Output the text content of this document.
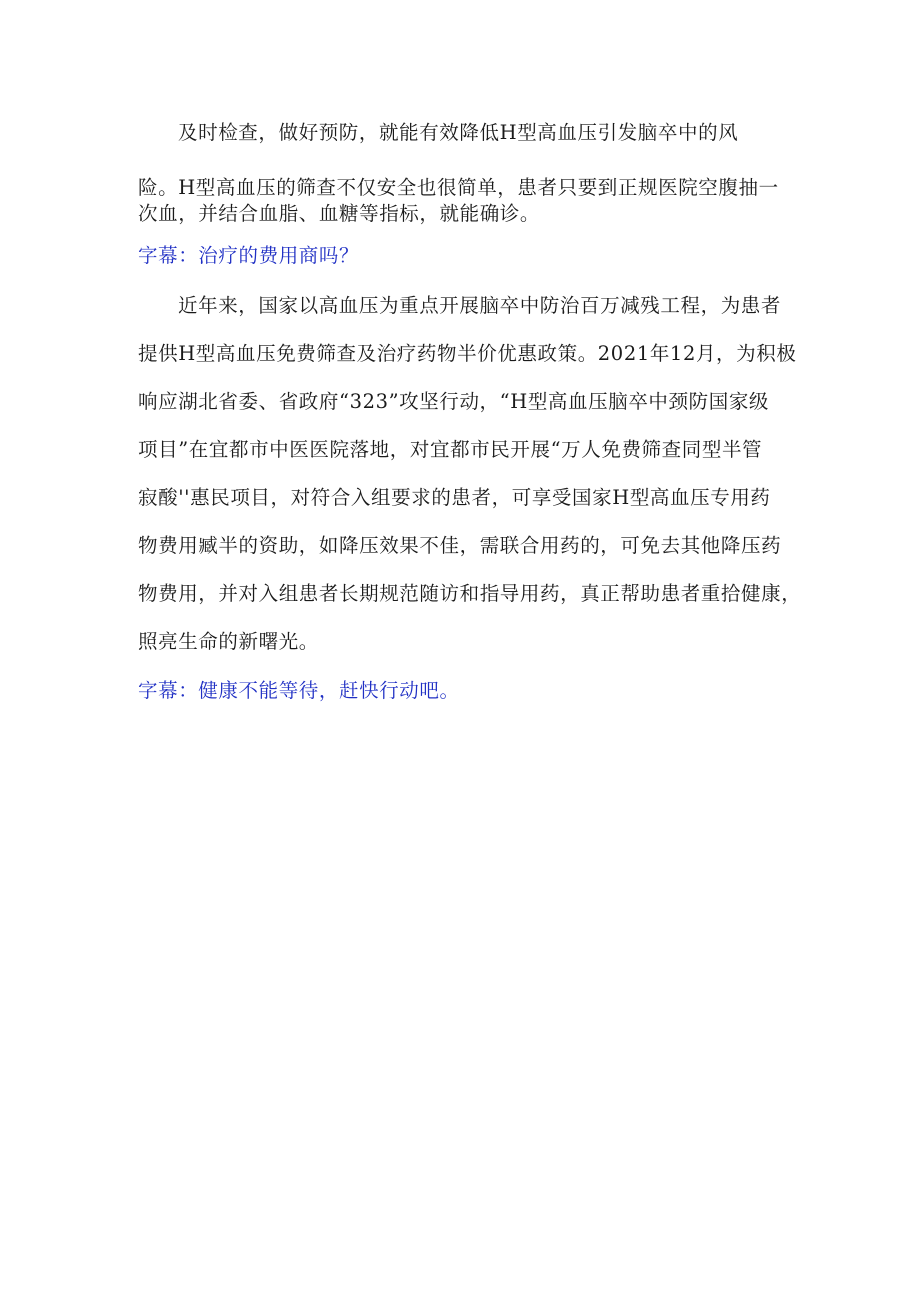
及时检查，做好预防，就能有效降低H型高血压引发脑卒中的风
险。H型高血压的筛查不仅安全也很简单，患者只要到正规医院空腹抽一
次血，并结合血脂、血糖等指标，就能确诊。
字幕：治疗的费用商吗？
近年来，国家以高血压为重点开展脑卒中防治百万减残工程，为患者
提供H型高血压免费筛查及治疗药物半价优惠政策。2021年12月，为积极
响应湖北省委、省政府“323”攻坚行动，“H型高血压脑卒中颈防国家级
项目”在宜都市中医医院落地，对宜都市民开展“万人免费筛查同型半管
寂酸''惠民项目，对符合入组要求的患者，可享受国家H型高血压专用药
物费用臧半的资助，如降压效果不佳，需联合用药的，可免去其他降压药
物费用，并对入组患者长期规范随访和指导用药，真正帮助患者重拾健康，
照亮生命的新曙光。
字幕：健康不能等待，赶快行动吧。
